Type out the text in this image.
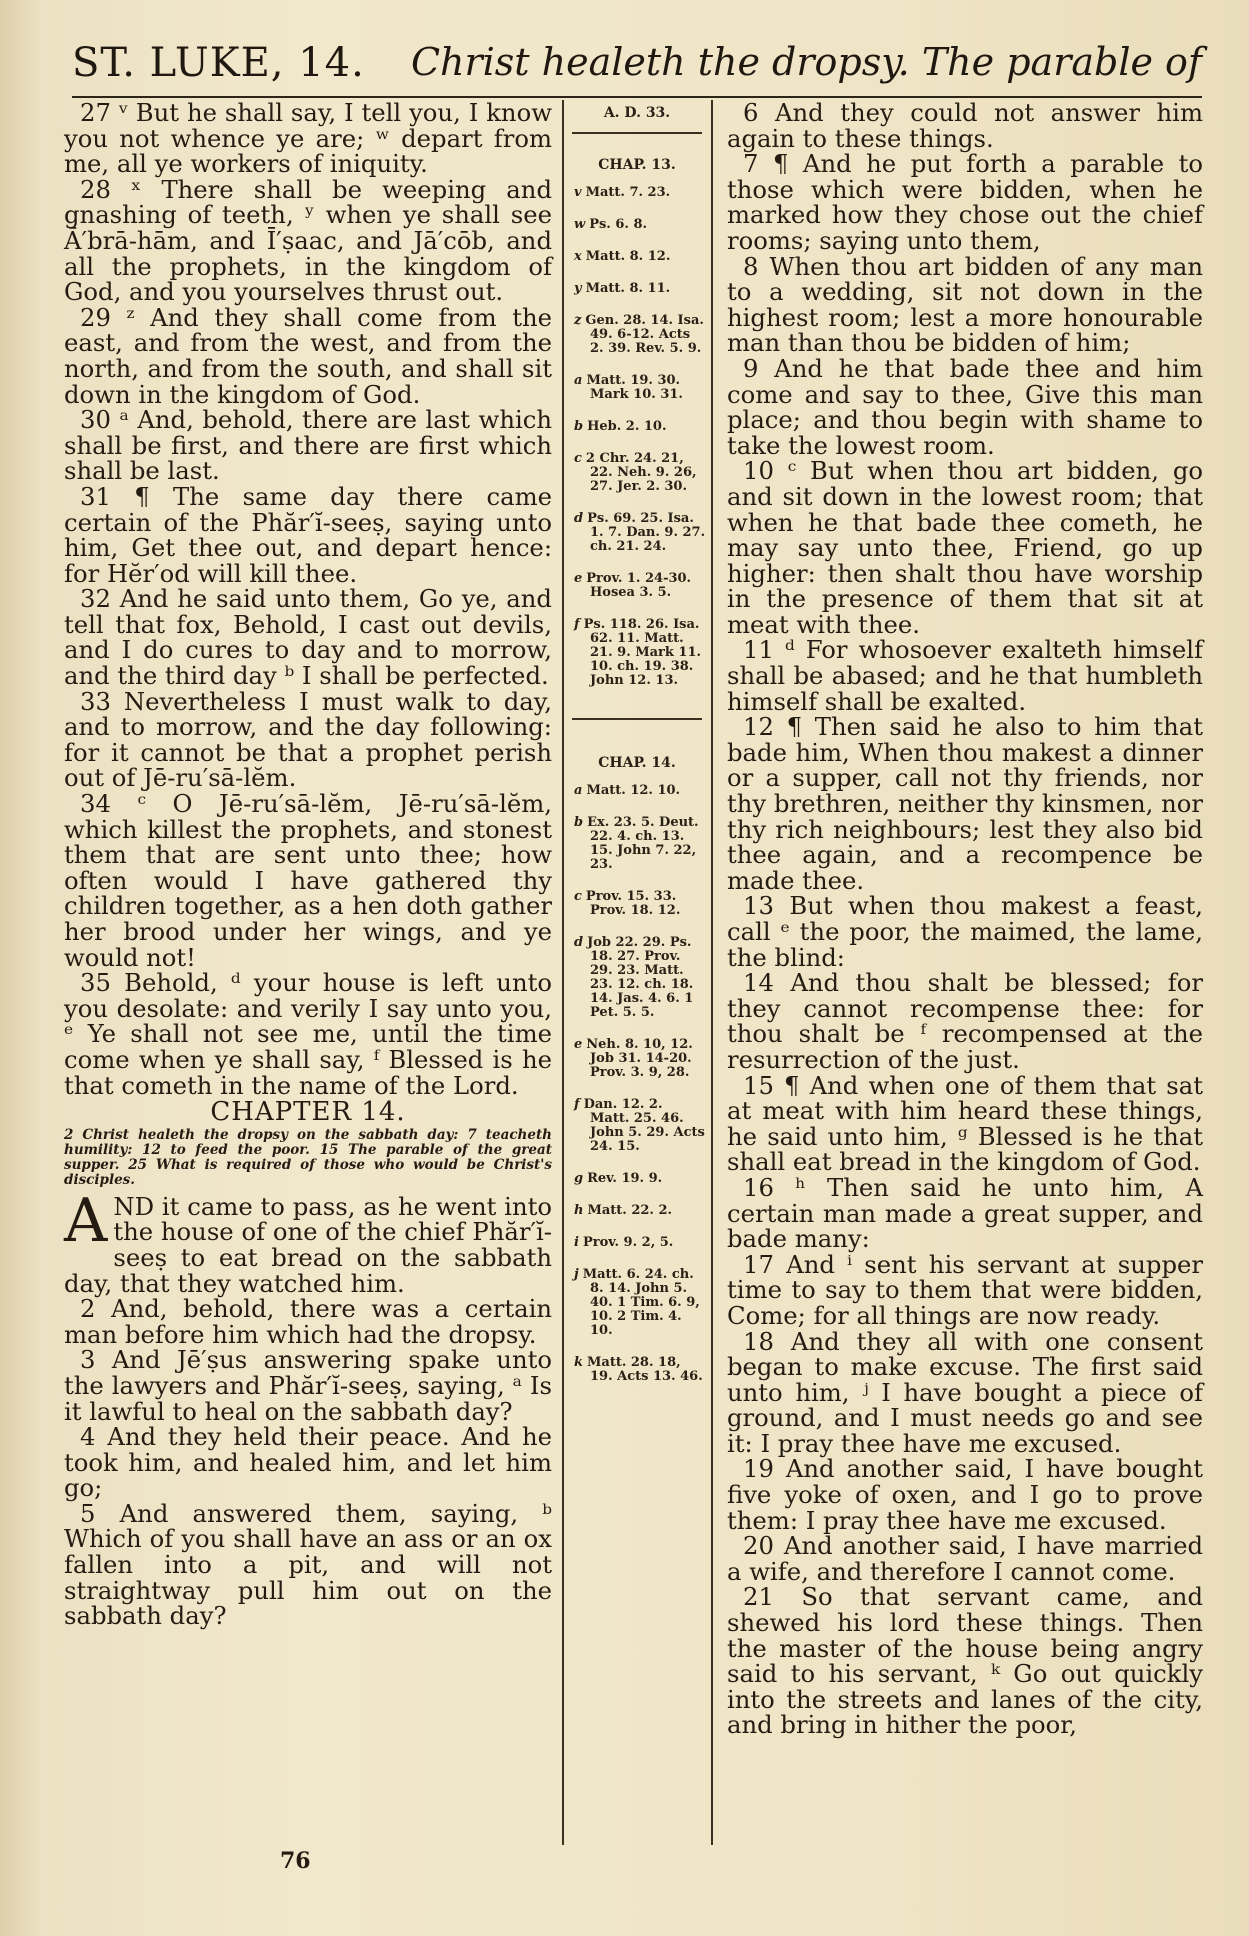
ST. LUKE, 14. Christ healeth the dropsy. The parable of

27 ᵛ But he shall say, I tell you, I know you not whence ye are; ʷ depart from me, all ye workers of iniquity.

28 ˣ There shall be weeping and gnashing of teeth, ʸ when ye shall see Ā′brā-hām, and Ī′ṣaac, and Jā′cōb, and all the prophets, in the kingdom of God, and you yourselves thrust out.

29 ᶻ And they shall come from the east, and from the west, and from the north, and from the south, and shall sit down in the kingdom of God.

30 ᵃ And, behold, there are last which shall be first, and there are first which shall be last.

31 ¶ The same day there came certain of the Phăr′ĭ-seeṣ, saying unto him, Get thee out, and depart hence: for Hĕr′od will kill thee.

32 And he said unto them, Go ye, and tell that fox, Behold, I cast out devils, and I do cures to day and to morrow, and the third day ᵇ I shall be perfected.

33 Nevertheless I must walk to day, and to morrow, and the day following: for it cannot be that a prophet perish out of Jē-ru′sā-lĕm.

34 ᶜ O Jē-ru′sā-lĕm, Jē-ru′sā-lĕm, which killest the prophets, and stonest them that are sent unto thee; how often would I have gathered thy children together, as a hen doth gather her brood under her wings, and ye would not!

35 Behold, ᵈ your house is left unto you desolate: and verily I say unto you, ᵉ Ye shall not see me, until the time come when ye shall say, ᶠ Blessed is he that cometh in the name of the Lord.

CHAPTER 14.
2 Christ healeth the dropsy on the sabbath day: 7 teacheth humility: 12 to feed the poor. 15 The parable of the great supper. 25 What is required of those who would be Christ's disciples.

AND it came to pass, as he went into the house of one of the chief Phăr′ĭ-seeṣ to eat bread on the sabbath day, that they watched him.

2 And, behold, there was a certain man before him which had the dropsy.

3 And Jē′ṣus answering spake unto the lawyers and Phăr′ĭ-seeṣ, saying, ᵃ Is it lawful to heal on the sabbath day?

4 And they held their peace. And he took him, and healed him, and let him go;

5 And answered them, saying, ᵇ Which of you shall have an ass or an ox fallen into a pit, and will not straightway pull him out on the sabbath day?

A. D. 33.
CHAP. 13.
v Matt. 7. 23.
w Ps. 6. 8.
x Matt. 8. 12.
y Matt. 8. 11.
z Gen. 28. 14. Isa. 49. 6-12. Acts 2. 39. Rev. 5. 9.
a Matt. 19. 30. Mark 10. 31.
b Heb. 2. 10.
c 2 Chr. 24. 21, 22. Neh. 9. 26, 27. Jer. 2. 30.
d Ps. 69. 25. Isa. 1. 7. Dan. 9. 27. ch. 21. 24.
e Prov. 1. 24-30. Hosea 3. 5.
f Ps. 118. 26. Isa. 62. 11. Matt. 21. 9. Mark 11. 10. ch. 19. 38. John 12. 13.
CHAP. 14.
a Matt. 12. 10.
b Ex. 23. 5. Deut. 22. 4. ch. 13. 15. John 7. 22, 23.
c Prov. 15. 33. Prov. 18. 12.
d Job 22. 29. Ps. 18. 27. Prov. 29. 23. Matt. 23. 12. ch. 18. 14. Jas. 4. 6. 1 Pet. 5. 5.
e Neh. 8. 10, 12. Job 31. 14-20. Prov. 3. 9, 28.
f Dan. 12. 2. Matt. 25. 46. John 5. 29. Acts 24. 15.
g Rev. 19. 9.
h Matt. 22. 2.
i Prov. 9. 2, 5.
j Matt. 6. 24. ch. 8. 14. John 5. 40. 1 Tim. 6. 9, 10. 2 Tim. 4. 10.
k Matt. 28. 18, 19. Acts 13. 46.

6 And they could not answer him again to these things.

7 ¶ And he put forth a parable to those which were bidden, when he marked how they chose out the chief rooms; saying unto them,

8 When thou art bidden of any man to a wedding, sit not down in the highest room; lest a more honourable man than thou be bidden of him;

9 And he that bade thee and him come and say to thee, Give this man place; and thou begin with shame to take the lowest room.

10 ᶜ But when thou art bidden, go and sit down in the lowest room; that when he that bade thee cometh, he may say unto thee, Friend, go up higher: then shalt thou have worship in the presence of them that sit at meat with thee.

11 ᵈ For whosoever exalteth himself shall be abased; and he that humbleth himself shall be exalted.

12 ¶ Then said he also to him that bade him, When thou makest a dinner or a supper, call not thy friends, nor thy brethren, neither thy kinsmen, nor thy rich neighbours; lest they also bid thee again, and a recompence be made thee.

13 But when thou makest a feast, call ᵉ the poor, the maimed, the lame, the blind:

14 And thou shalt be blessed; for they cannot recompense thee: for thou shalt be ᶠ recompensed at the resurrection of the just.

15 ¶ And when one of them that sat at meat with him heard these things, he said unto him, ᵍ Blessed is he that shall eat bread in the kingdom of God.

16 ʰ Then said he unto him, A certain man made a great supper, and bade many:

17 And ⁱ sent his servant at supper time to say to them that were bidden, Come; for all things are now ready.

18 And they all with one consent began to make excuse. The first said unto him, ʲ I have bought a piece of ground, and I must needs go and see it: I pray thee have me excused.

19 And another said, I have bought five yoke of oxen, and I go to prove them: I pray thee have me excused.

20 And another said, I have married a wife, and therefore I cannot come.

21 So that servant came, and shewed his lord these things. Then the master of the house being angry said to his servant, ᵏ Go out quickly into the streets and lanes of the city, and bring in hither the poor,

76
